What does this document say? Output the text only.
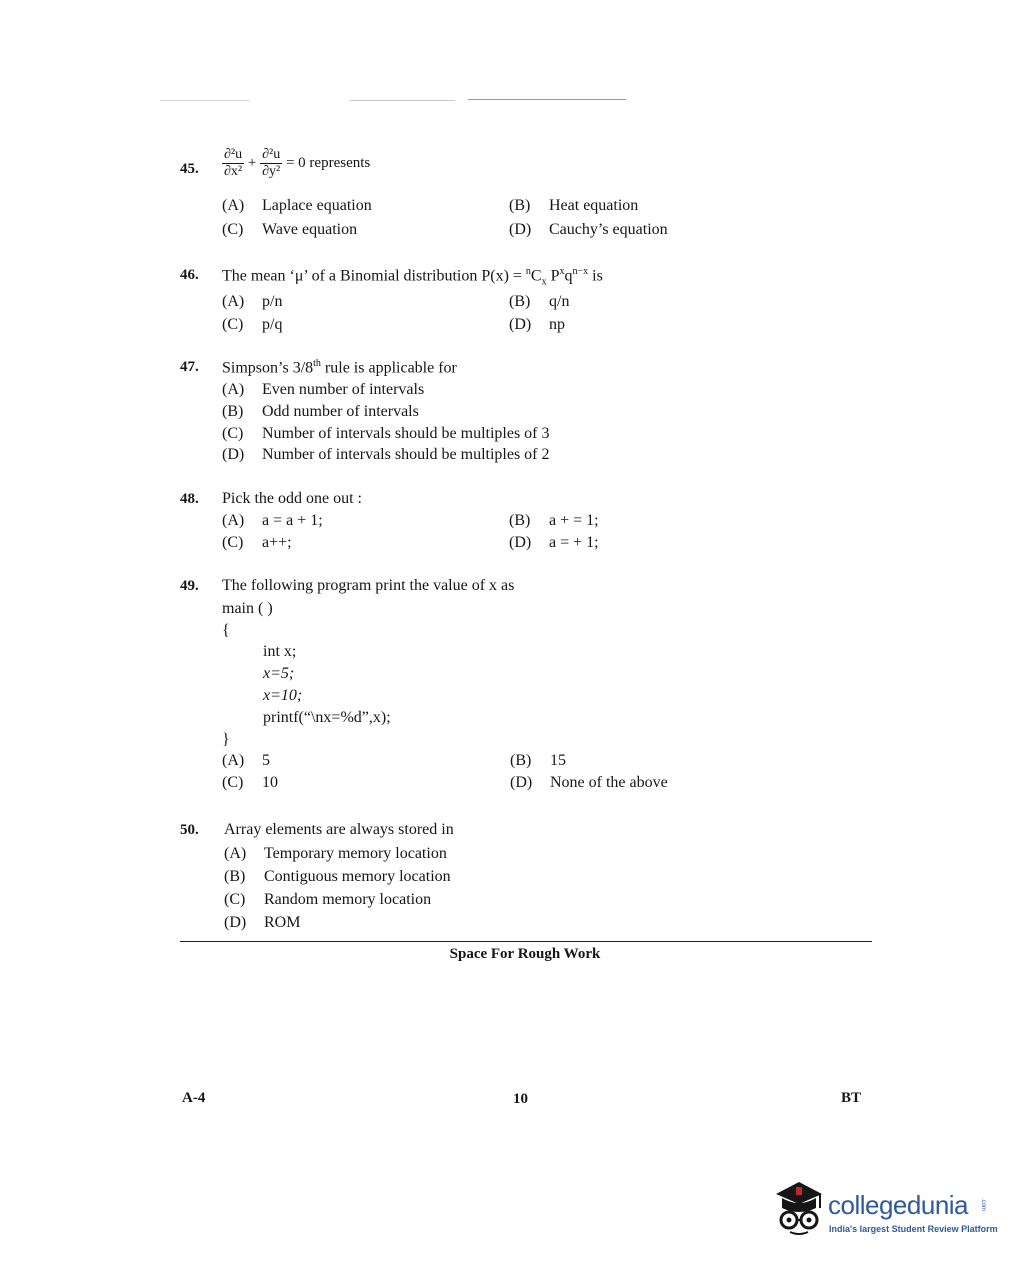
45. $\frac{\text{∂²u}}{\text{∂x²}} + \frac{\text{∂²u}}{\text{∂y²}} = 0$ represents
(A) Laplace equation	(B) Heat equation
(C) Wave equation	(D) Cauchy’s equation
46. The mean ‘μ’ of a Binomial distribution $P(x) = ^nC_x$ $P^xq^{n-x}$ is
(A) p/n	(B) q/n
(C) p/q	(D) np
47. Simpson’s 3/8th rule is applicable for
(A) Even number of intervals
(B) Odd number of intervals
(C) Number of intervals should be multiples of 3
(D) Number of intervals should be multiples of 2
48. Pick the odd one out :
(A) a = a + 1;	(B) a + = 1;
(C) a++;	(D) a = + 1;
49. The following program print the value of x as
main ( )
{
int x;
x=5;
x=10;
printf(“\nx=%d”,x);
}
(A) 5	(B) 15
(C) 10	(D) None of the above
50. Array elements are always stored in
(A) Temporary memory location
(B) Contiguous memory location
(C) Random memory location
(D) ROM
Space For Rough Work
A-4	10	BT
collegedunia .com
India's largest Student Review Platform
